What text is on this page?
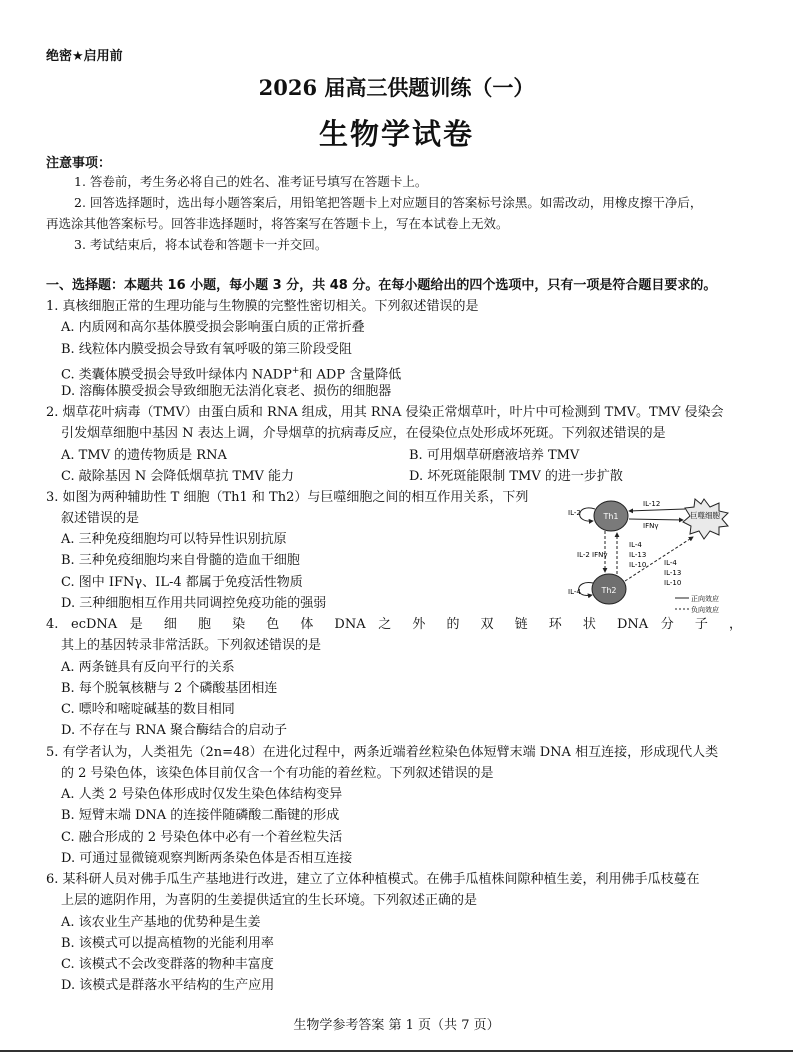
绝密★启用前
2026 届高三供题训练（一）
生物学试卷
注意事项：
1. 答卷前，考生务必将自己的姓名、准考证号填写在答题卡上。
2. 回答选择题时，选出每小题答案后，用铅笔把答题卡上对应题目的答案标号涂黑。如需改动，用橡皮擦干净后，
再选涂其他答案标号。回答非选择题时，将答案写在答题卡上，写在本试卷上无效。
3. 考试结束后，将本试卷和答题卡一并交回。
一、选择题：本题共 16 小题，每小题 3 分，共 48 分。在每小题给出的四个选项中，只有一项是符合题目要求的。
1. 真核细胞正常的生理功能与生物膜的完整性密切相关。下列叙述错误的是
A. 内质网和高尔基体膜受损会影响蛋白质的正常折叠
B. 线粒体内膜受损会导致有氧呼吸的第三阶段受阻
C. 类囊体膜受损会导致叶绿体内 NADP+和 ADP 含量降低
D. 溶酶体膜受损会导致细胞无法消化衰老、损伤的细胞器
2. 烟草花叶病毒（TMV）由蛋白质和 RNA 组成，用其 RNA 侵染正常烟草叶，叶片中可检测到 TMV。TMV 侵染会
引发烟草细胞中基因 N 表达上调，介导烟草的抗病毒反应，在侵染位点处形成坏死斑。下列叙述错误的是
A. TMV 的遗传物质是 RNA	B. 可用烟草研磨液培养 TMV
C. 敲除基因 N 会降低烟草抗 TMV 能力	D. 坏死斑能限制 TMV 的进一步扩散
3. 如图为两种辅助性 T 细胞（Th1 和 Th2）与巨噬细胞之间的相互作用关系，下列
叙述错误的是
A. 三种免疫细胞均可以特异性识别抗原
B. 三种免疫细胞均来自骨髓的造血干细胞
C. 图中 IFNγ、IL-4 都属于免疫活性物质
D. 三种细胞相互作用共同调控免疫功能的强弱
Th1
Th2
巨噬细胞
IL-2
IL-4
IL-12
IFNγ
IL-2 IFNγ
IL-4
IL-13
IL-10	IL-4
IL-13
IL-10
正向效应
负向效应
4. ecDNA 是 细 胞 染 色 体 DNA 之 外 的 双 链 环 状 DNA 分 子 ，
其上的基因转录非常活跃。下列叙述错误的是
A. 两条链具有反向平行的关系
B. 每个脱氧核糖与 2 个磷酸基团相连
C. 嘌呤和嘧啶碱基的数目相同
D. 不存在与 RNA 聚合酶结合的启动子
5. 有学者认为，人类祖先（2n=48）在进化过程中，两条近端着丝粒染色体短臂末端 DNA 相互连接，形成现代人类
的 2 号染色体，该染色体目前仅含一个有功能的着丝粒。下列叙述错误的是
A. 人类 2 号染色体形成时仅发生染色体结构变异
B. 短臂末端 DNA 的连接伴随磷酸二酯键的形成
C. 融合形成的 2 号染色体中必有一个着丝粒失活
D. 可通过显微镜观察判断两条染色体是否相互连接
6. 某科研人员对佛手瓜生产基地进行改进，建立了立体种植模式。在佛手瓜植株间隙种植生姜，利用佛手瓜枝蔓在
上层的遮阴作用，为喜阴的生姜提供适宜的生长环境。下列叙述正确的是
A. 该农业生产基地的优势种是生姜
B. 该模式可以提高植物的光能利用率
C. 该模式不会改变群落的物种丰富度
D. 该模式是群落水平结构的生产应用
生物学参考答案 第 1 页（共 7 页）
